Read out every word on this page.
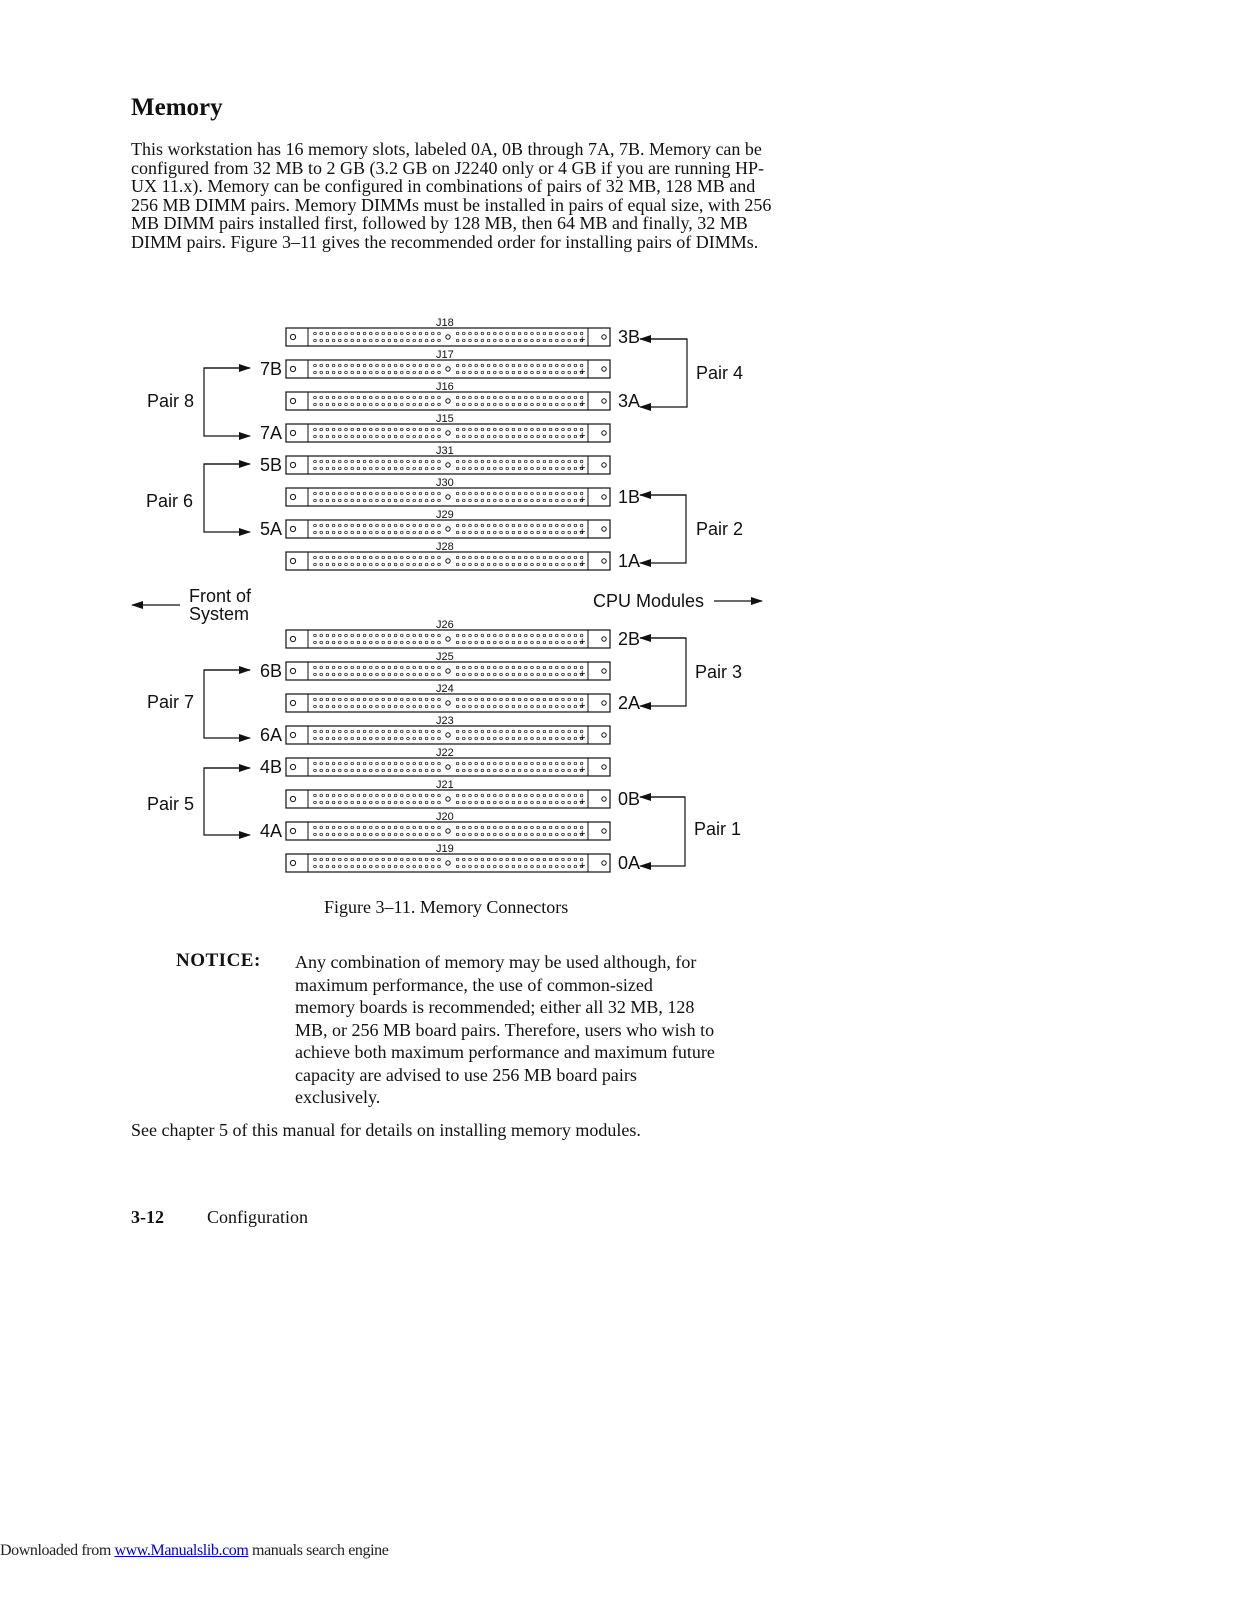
Memory

This workstation has 16 memory slots, labeled 0A, 0B through 7A, 7B. Memory can be configured from 32 MB to 2 GB (3.2 GB on J2240 only or 4 GB if you are running HP-UX 11.x). Memory can be configured in combinations of pairs of 32 MB, 128 MB and 256 MB DIMM pairs. Memory DIMMs must be installed in pairs of equal size, with 256 MB DIMM pairs installed first, followed by 128 MB, then 64 MB and finally, 32 MB DIMM pairs. Figure 3–11 gives the recommended order for installing pairs of DIMMs.

+
J18
3B
+
J17
7B
+
J16
3A
+
J15
7A
+
J31
5B
+
J30
1B
+
J29
5A
+
J28
1A
+
J26
2B
+
J25
6B
+
J24
2A
+
J23
6A
+
J22
4B
+
J21
0B
+
J20
4A
+
J19
0A
Pair 8
Pair 6
Pair 4
Pair 2
Pair 7
Pair 5
Pair 3
Pair 1
Front of
System
CPU Modules
Figure 3–11. Memory Connectors
NOTICE: Any combination of memory may be used although, for maximum performance, the use of common-sized memory boards is recommended; either all 32 MB, 128 MB, or 256 MB board pairs. Therefore, users who wish to achieve both maximum performance and maximum future capacity are advised to use 256 MB board pairs exclusively.

See chapter 5 of this manual for details on installing memory modules.
3-12 Configuration
Downloaded from www.Manualslib.com manuals search engine
